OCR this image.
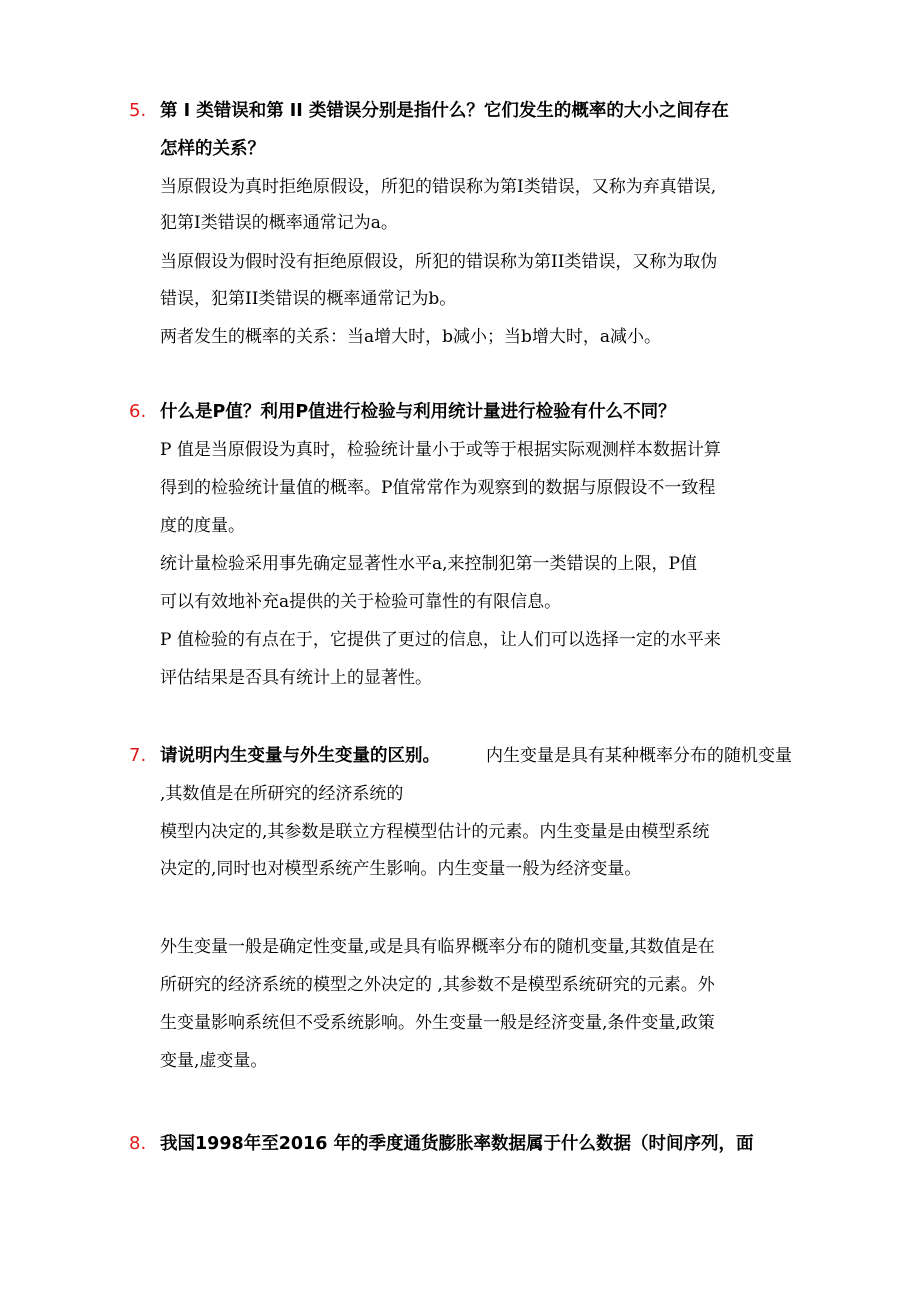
5. 第 I 类错误和第 II 类错误分别是指什么？它们发生的概率的大小之间存在
怎样的关系？
当原假设为真时拒绝原假设，所犯的错误称为第I类错误，又称为弃真错误,
犯第I类错误的概率通常记为a。
当原假设为假时没有拒绝原假设，所犯的错误称为第II类错误，又称为取伪
错误，犯第II类错误的概率通常记为b。
两者发生的概率的关系：当a增大时，b减小；当b增大时，a减小。
6. 什么是P值？利用P值进行检验与利用统计量进行检验有什么不同？
P 值是当原假设为真时，检验统计量小于或等于根据实际观测样本数据计算
得到的检验统计量值的概率。P值常常作为观察到的数据与原假设不一致程
度的度量。
统计量检验采用事先确定显著性水平a,来控制犯第一类错误的上限，P值
可以有效地补充a提供的关于检验可靠性的有限信息。
P 值检验的有点在于，它提供了更过的信息，让人们可以选择一定的水平来
评估结果是否具有统计上的显著性。
7. 请说明内生变量与外生变量的区别。	内生变量是具有某种概率分布的随机变量
,其数值是在所研究的经济系统的
模型内决定的,其参数是联立方程模型估计的元素。内生变量是由模型系统
决定的,同时也对模型系统产生影响。内生变量一般为经济变量。
外生变量一般是确定性变量,或是具有临界概率分布的随机变量,其数值是在
所研究的经济系统的模型之外决定的 ,其参数不是模型系统研究的元素。外
生变量影响系统但不受系统影响。外生变量一般是经济变量,条件变量,政策
变量,虚变量。
8. 我国1998年至2016 年的季度通货膨胀率数据属于什么数据（时间序列，面
